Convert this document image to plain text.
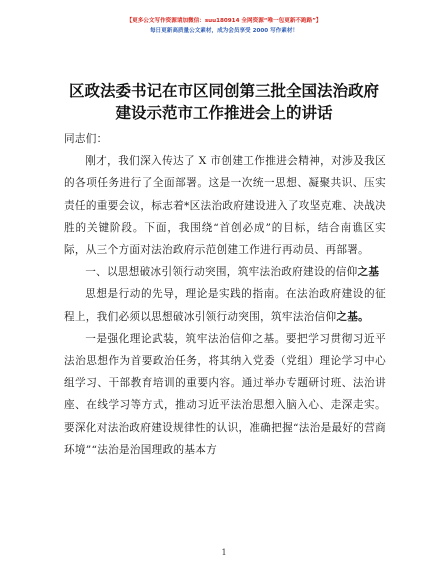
【更多公文写作资源请加微信：suu180914 全网资源“唯一包更新不跑路”】
每日更新高质量公文素材，成为会员享受 2000 写作素材！
区政法委书记在市区同创第三批全国法治政府
建设示范市工作推进会上的讲话

同志们：

刚才，我们深入传达了 X 市创建工作推进会精神，对涉及我区的各项任务进行了全面部署。这是一次统一思想、凝聚共识、压实责任的重要会议，标志着*区法治政府建设进入了攻坚克难、决战决胜的关键阶段。下面，我围绕“首创必成”的目标，结合南谯区实际，从三个方面对法治政府示范创建工作进行再动员、再部署。

一、以思想破冰引领行动突围，筑牢法治政府建设的信仰之基

思想是行动的先导，理论是实践的指南。在法治政府建设的征程上，我们必须以思想破冰引领行动突围，筑牢法治信仰之基。

一是强化理论武装，筑牢法治信仰之基。要把学习贯彻习近平法治思想作为首要政治任务，将其纳入党委（党组）理论学习中心组学习、干部教育培训的重要内容。通过举办专题研讨班、法治讲座、在线学习等方式，推动习近平法治思想入脑入心、走深走实。要深化对法治政府建设规律性的认识，准确把握“法治是最好的营商环境”“法治是治国理政的基本方

1
